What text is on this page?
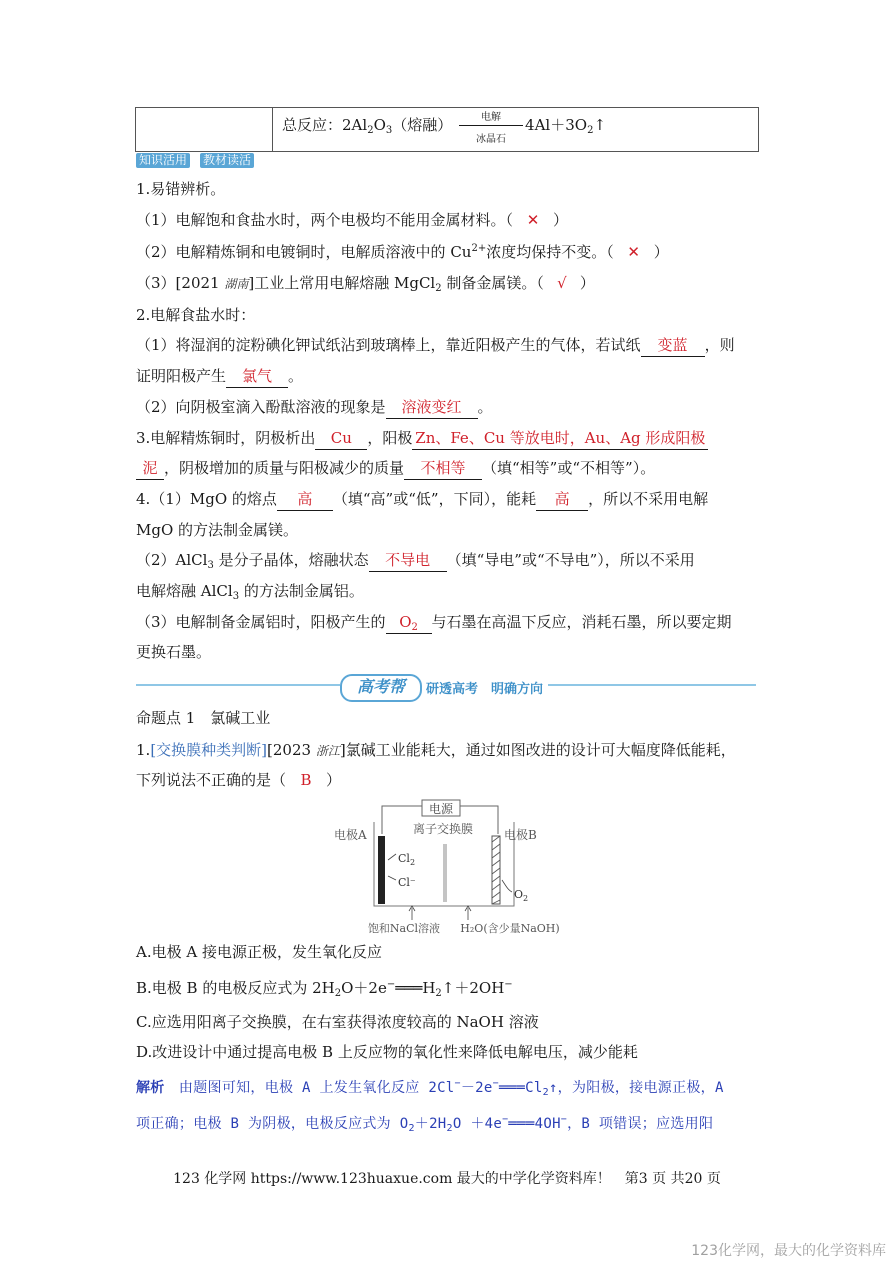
总反应：$2Al_2O_3$（熔融）	电解
冰晶石
$4Al+3O_2↑$
知识活用 教材读活
1.易错辨析。
（1）电解饱和食盐水时，两个电极均不能用金属材料。（ ✕ ）
（2）电解精炼铜和电镀铜时，电解质溶液中的 $Cu^{2+}$浓度均保持不变。（ ✕ ）
（3）[2021 湖南]工业上常用电解熔融 MgCl$_2$ 制备金属镁。（ √ ）
2.电解食盐水时：
（1）将湿润的淀粉碘化钾试纸沾到玻璃棒上，靠近阳极产生的气体，若试纸 变蓝 ，则
证明阳极产生 氯气 。
（2）向阴极室滴入酚酞溶液的现象是 溶液变红 。
3.电解精炼铜时，阴极析出 Cu ，阳极 Zn、Fe、Cu 等放电时，Au、Ag 形成阳极
泥 ，阴极增加的质量与阳极减少的质量 不相等 （填“相等”或“不相等”）。
4.（1）MgO 的熔点 高 （填“高”或“低”，下同），能耗 高 ，所以不采用电解
MgO 的方法制金属镁。
（2）AlCl$_3$ 是分子晶体，熔融状态 不导电 （填“导电”或“不导电”），所以不采用
电解熔融 AlCl$_3$ 的方法制金属铝。
（3）电解制备金属铝时，阳极产生的 $O_2$ 与石墨在高温下反应，消耗石墨，所以要定期
更换石墨。
高考帮	研透高考　明确方向
命题点 1　氯碱工业
1.[交换膜种类判断][2023 浙江]氯碱工业能耗大，通过如图改进的设计可大幅度降低能耗，
下列说法不正确的是（ B ）
电源
离子交换膜
电极A	电极B
$Cl_2$
Cl⁻
$O_2$
饱和NaCl溶液 H₂O(含少量NaOH)
A.电极 A 接电源正极，发生氧化反应
B.电极 B 的电极反应式为 $2H_2O+2e^-═══H_2↑+2OH^-$
C.应选用阳离子交换膜，在右室获得浓度较高的 NaOH 溶液
D.改进设计中通过提高电极 B 上反应物的氧化性来降低电解电压，减少能耗
解析　 由题图可知，电极 A 上发生氧化反应 $2Cl^--2e^-═══Cl_2↑$，为阳极，接电源正极，A
项正确；电极 B 为阴极，电极反应式为 $O_2+2H_2O$ ＋4e−═══4OH−，B 项错误；应选用阳
123 化学网 https://www.123huaxue.com 最大的中学化学资料库！　第3 页 共20 页
123化学网，最大的化学资料库
